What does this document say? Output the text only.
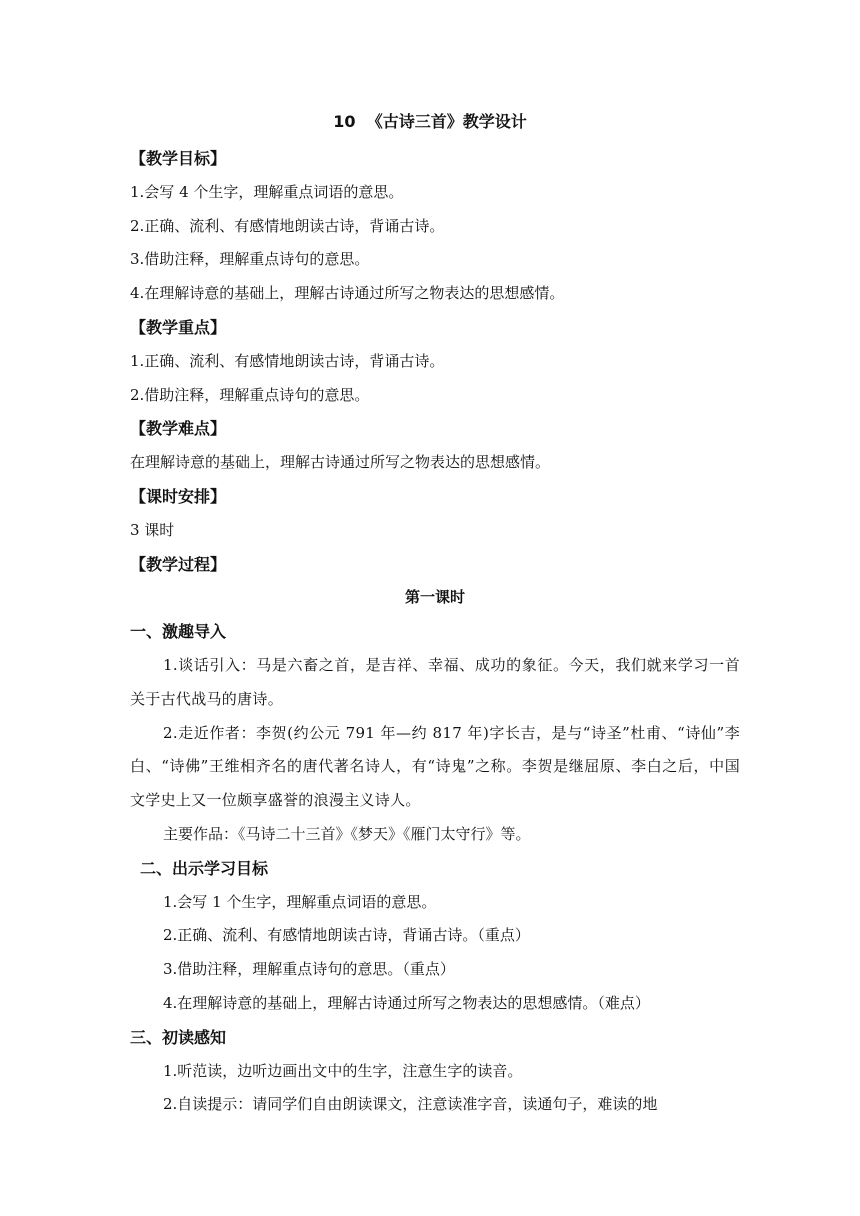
10  《古诗三首》教学设计
【教学目标】
1.会写 4 个生字，理解重点词语的意思。
2.正确、流利、有感情地朗读古诗，背诵古诗。
3.借助注释，理解重点诗句的意思。
4.在理解诗意的基础上，理解古诗通过所写之物表达的思想感情。
【教学重点】
1.正确、流利、有感情地朗读古诗，背诵古诗。
2.借助注释，理解重点诗句的意思。
【教学难点】
在理解诗意的基础上，理解古诗通过所写之物表达的思想感情。
【课时安排】
3 课时
【教学过程】
第一课时
一、激趣导入
1.谈话引入：马是六畜之首，是吉祥、幸福、成功的象征。今天，我们就来学习一首关于古代战马的唐诗。
2.走近作者：李贺(约公元 791 年—约 817 年)字长吉，是与“诗圣”杜甫、“诗仙”李白、“诗佛”王维相齐名的唐代著名诗人，有“诗鬼”之称。李贺是继屈原、李白之后，中国文学史上又一位颇享盛誉的浪漫主义诗人。
主要作品：《马诗二十三首》《梦天》《雁门太守行》等。
二、出示学习目标
1.会写 1 个生字，理解重点词语的意思。
2.正确、流利、有感情地朗读古诗，背诵古诗。（重点）
3.借助注释，理解重点诗句的意思。（重点）
4.在理解诗意的基础上，理解古诗通过所写之物表达的思想感情。（难点）
三、初读感知
1.听范读，边听边画出文中的生字，注意生字的读音。
2.自读提示：请同学们自由朗读课文，注意读准字音，读通句子，难读的地
